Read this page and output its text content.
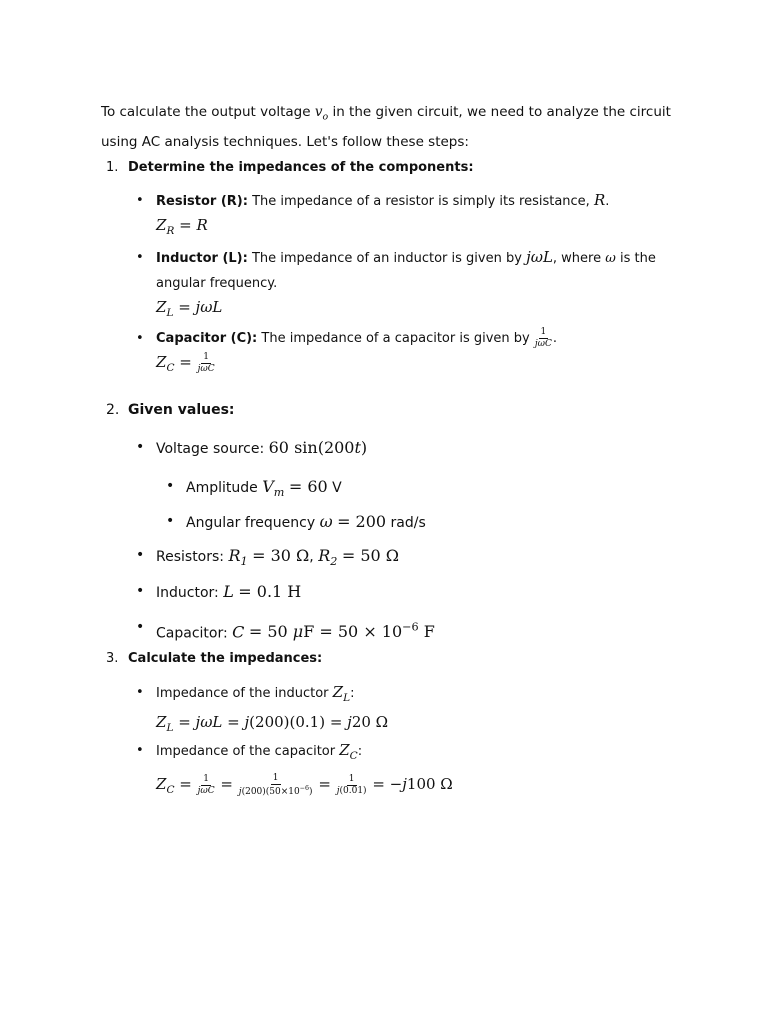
To calculate the output voltage $v_o$ in the given circuit, we need to analyze the circuit using AC analysis techniques. Let's follow these steps:

1. Determine the impedances of the components:

• Resistor (R): The impedance of a resistor is simply its resistance, R.

$Z_R = R$

• Inductor (L): The impedance of an inductor is given by jωL, where ω is the angular frequency.

$Z_L = j\omega L$

• Capacitor (C): The impedance of a capacitor is given by $\frac{1}{\text{jωC}}$ .

$Z_C = \frac{1}{\text{jωC}}$

2. Given values:

• Voltage source: 60 sin(200t)

• Amplitude $V_m = 60$ V

• Angular frequency ω = 200 rad/s

• Resistors: $R_1 = 30$ Ω, $R_2 = 50$ Ω

• Inductor: L = 0.1 H

• Capacitor: C = 50 $\mu F = 50 \times 10^{-6}$ F

3. Calculate the impedances:

• Impedance of the inductor $Z_L$:

$Z_L = j\omega L = j(200)(0.1) = j20$ Ω

• Impedance of the capacitor $Z_C$:

$Z_C = \frac{1}{\text{jωC}} = \frac{1}{j(200)(50\times 10^{-6})} = \frac{1}{j(0.01)} = -j100$ Ω
